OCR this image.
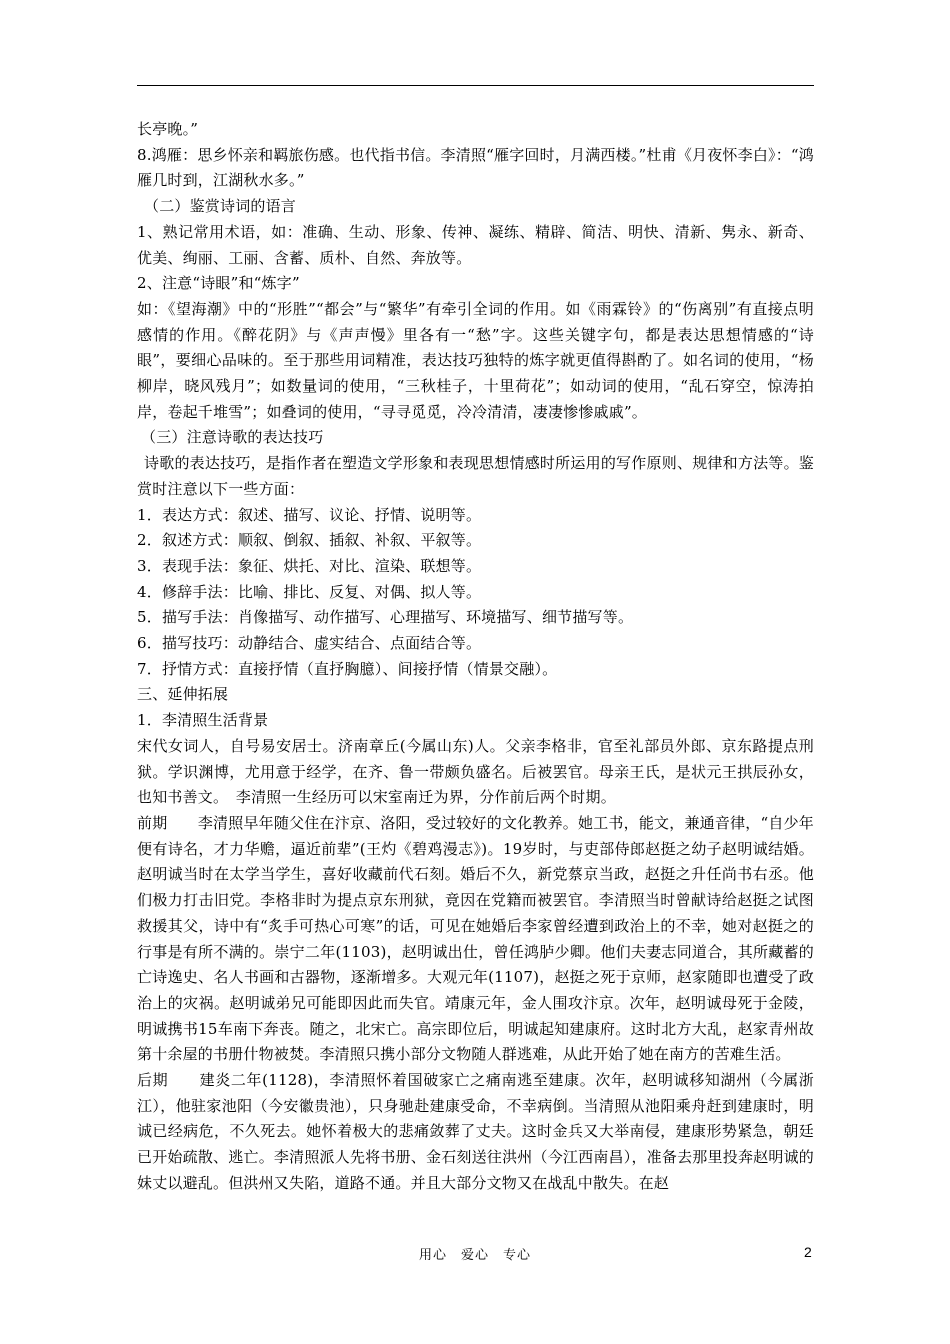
长亭晚。”

8.鸿雁：思乡怀亲和羁旅伤感。也代指书信。李清照“雁字回时，月满西楼。”杜甫《月夜怀李白》：“鸿雁几时到，江湖秋水多。”

（二）鉴赏诗词的语言

1、熟记常用术语，如：准确、生动、形象、传神、凝练、精辟、简洁、明快、清新、隽永、新奇、优美、绚丽、工丽、含蓄、质朴、自然、奔放等。

2、注意“诗眼”和“炼字”

如：《望海潮》中的“形胜”“都会”与“繁华”有牵引全词的作用。如《雨霖铃》的“伤离别”有直接点明感情的作用。《醉花阴》与《声声慢》里各有一“愁”字。这些关键字句，都是表达思想情感的“诗眼”，要细心品味的。至于那些用词精准，表达技巧独特的炼字就更值得斟酌了。如名词的使用，“杨柳岸，晓风残月”；如数量词的使用，“三秋桂子，十里荷花”；如动词的使用，“乱石穿空，惊涛拍岸，卷起千堆雪”；如叠词的使用，“寻寻觅觅，冷冷清清，凄凄惨惨戚戚”。

（三）注意诗歌的表达技巧

诗歌的表达技巧，是指作者在塑造文学形象和表现思想情感时所运用的写作原则、规律和方法等。鉴赏时注意以下一些方面：

1．表达方式：叙述、描写、议论、抒情、说明等。

2．叙述方式：顺叙、倒叙、插叙、补叙、平叙等。

3．表现手法：象征、烘托、对比、渲染、联想等。

4．修辞手法：比喻、排比、反复、对偶、拟人等。

5．描写手法：肖像描写、动作描写、心理描写、环境描写、细节描写等。

6．描写技巧：动静结合、虚实结合、点面结合等。

7．抒情方式：直接抒情（直抒胸臆）、间接抒情（情景交融）。

三、延伸拓展

1．李清照生活背景

宋代女词人，自号易安居士。济南章丘(今属山东)人。父亲李格非，官至礼部员外郎、京东路提点刑狱。学识渊博，尤用意于经学，在齐、鲁一带颇负盛名。后被罢官。母亲王氏，是状元王拱辰孙女，也知书善文。　李清照一生经历可以宋室南迁为界，分作前后两个时期。

前期　　李清照早年随父住在汴京、洛阳，受过较好的文化教养。她工书，能文，兼通音律，“自少年便有诗名，才力华赡，逼近前辈”(王灼《碧鸡漫志》)。19岁时，与吏部侍郎赵挺之幼子赵明诚结婚。赵明诚当时在太学当学生，喜好收藏前代石刻。婚后不久，新党蔡京当政，赵挺之升任尚书右丞。他们极力打击旧党。李格非时为提点京东刑狱，竟因在党籍而被罢官。李清照当时曾献诗给赵挺之试图救援其父，诗中有“炙手可热心可寒”的话，可见在她婚后李家曾经遭到政治上的不幸，她对赵挺之的行事是有所不满的。崇宁二年(1103)，赵明诚出仕，曾任鸿胪少卿。他们夫妻志同道合，其所藏蓄的亡诗逸史、名人书画和古器物，逐渐增多。大观元年(1107)，赵挺之死于京师，赵家随即也遭受了政治上的灾祸。赵明诚弟兄可能即因此而失官。靖康元年，金人围攻汴京。次年，赵明诚母死于金陵，明诚携书15车南下奔丧。随之，北宋亡。高宗即位后，明诚起知建康府。这时北方大乱，赵家青州故第十余屋的书册什物被焚。李清照只携小部分文物随人群逃难，从此开始了她在南方的苦难生活。

后期　　建炎二年(1128)，李清照怀着国破家亡之痛南逃至建康。次年，赵明诚移知湖州（今属浙江），他驻家池阳（今安徽贵池），只身驰赴建康受命，不幸病倒。当清照从池阳乘舟赶到建康时，明诚已经病危，不久死去。她怀着极大的悲痛敛葬了丈夫。这时金兵又大举南侵，建康形势紧急，朝廷已开始疏散、逃亡。李清照派人先将书册、金石刻送往洪州（今江西南昌），准备去那里投奔赵明诚的妹丈以避乱。但洪州又失陷，道路不通。并且大部分文物又在战乱中散失。在赵

用心　爱心　专心	2
